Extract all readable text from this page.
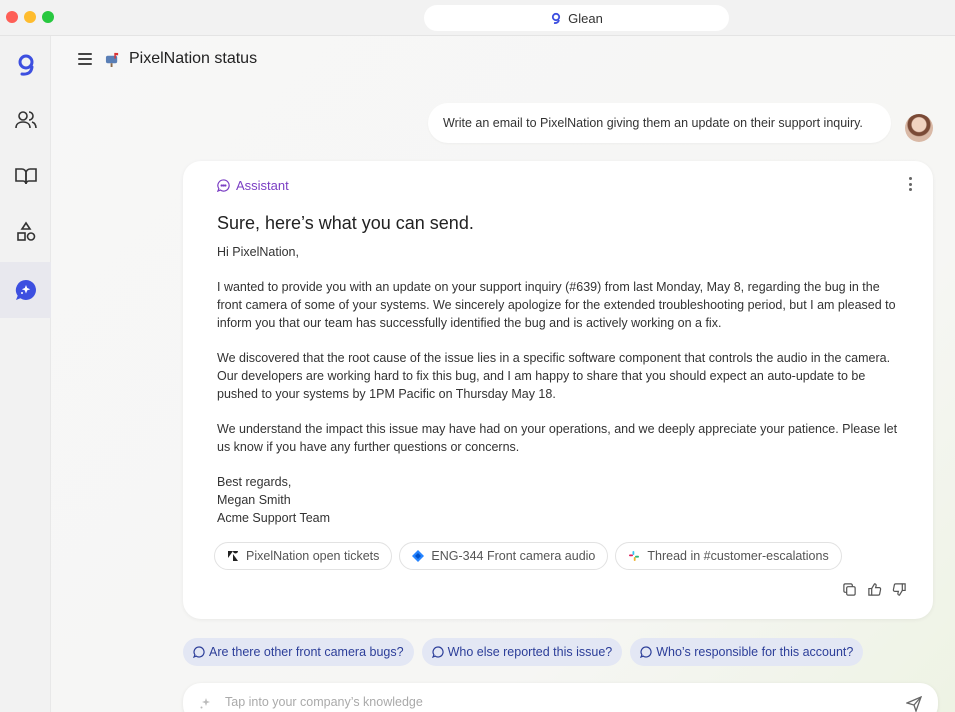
Glean
PixelNation status
Write an email to PixelNation giving them an update on their support inquiry.
Assistant
Sure, here’s what you can send.

Hi PixelNation,

I wanted to provide you with an update on your support inquiry (#639) from last Monday, May 8, regarding the bug in the front camera of some of your systems. We sincerely apologize for the extended troubleshooting period, but I am pleased to inform you that our team has successfully identified the bug and is actively working on a fix.

We discovered that the root cause of the issue lies in a specific software component that controls the audio in the camera. Our developers are working hard to fix this bug, and I am happy to share that you should expect an auto-update to be pushed to your systems by 1PM Pacific on Thursday May 18.

We understand the impact this issue may have had on your operations, and we deeply appreciate your patience. Please let us know if you have any further questions or concerns.

Best regards,

Megan Smith

Acme Support Team

PixelNation open tickets	ENG-344 Front camera audio	Thread in #customer-escalations
Are there other front camera bugs?	Who else reported this issue?	Who’s responsible for this account?
Tap into your company’s knowledge
